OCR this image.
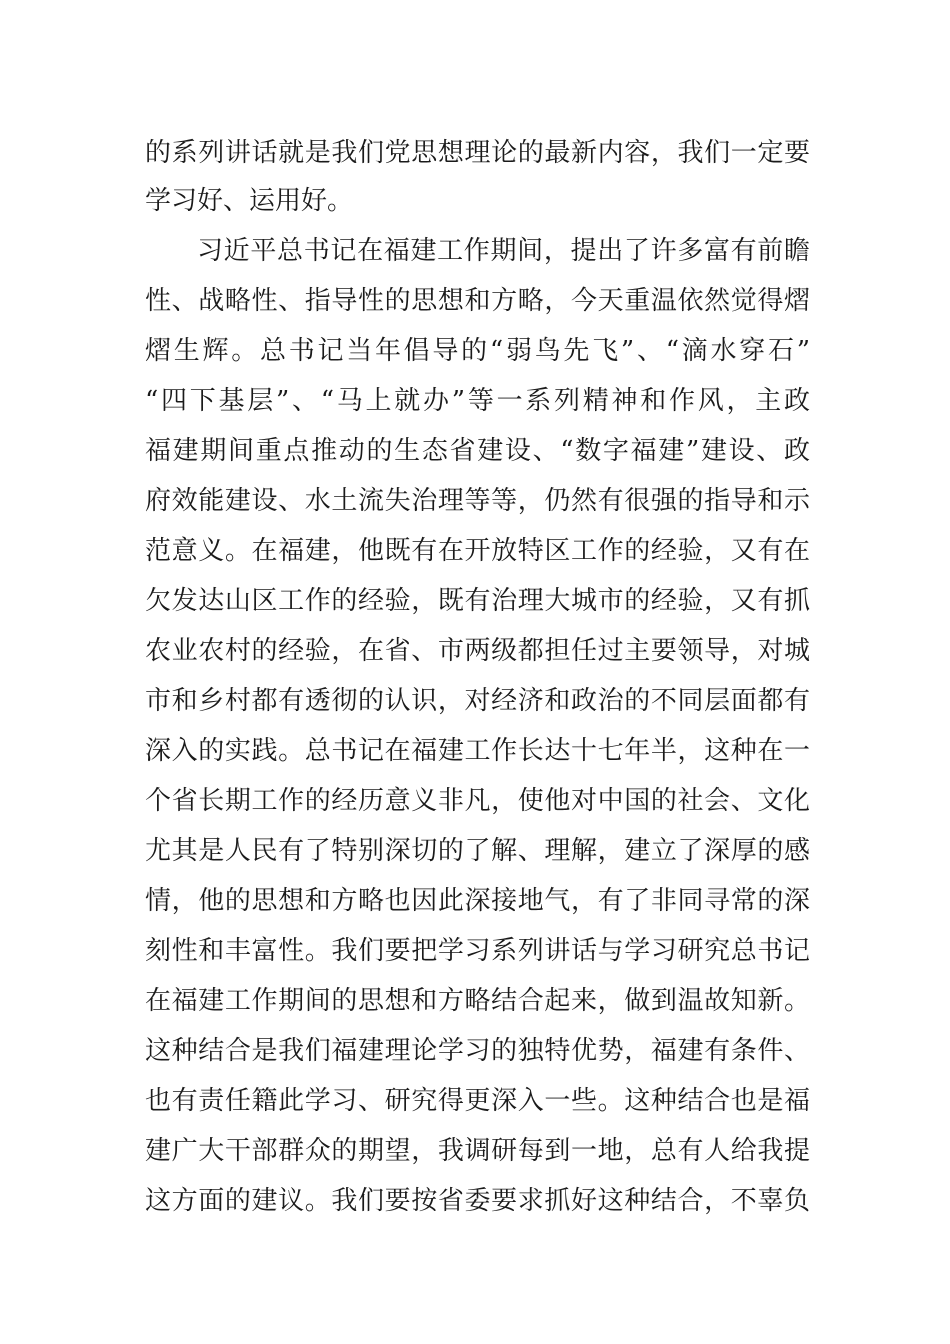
的系列讲话就是我们党思想理论的最新内容，我们一定要
学习好、运用好。
习近平总书记在福建工作期间，提出了许多富有前瞻
性、战略性、指导性的思想和方略，今天重温依然觉得熠
熠生辉。总书记当年倡导的“弱鸟先飞”、“滴水穿石”
“四下基层”、“马上就办”等一系列精神和作风，主政
福建期间重点推动的生态省建设、“数字福建”建设、政
府效能建设、水土流失治理等等，仍然有很强的指导和示
范意义。在福建，他既有在开放特区工作的经验，又有在
欠发达山区工作的经验，既有治理大城市的经验，又有抓
农业农村的经验，在省、市两级都担任过主要领导，对城
市和乡村都有透彻的认识，对经济和政治的不同层面都有
深入的实践。总书记在福建工作长达十七年半，这种在一
个省长期工作的经历意义非凡，使他对中国的社会、文化
尤其是人民有了特别深切的了解、理解，建立了深厚的感
情，他的思想和方略也因此深接地气，有了非同寻常的深
刻性和丰富性。我们要把学习系列讲话与学习研究总书记
在福建工作期间的思想和方略结合起来，做到温故知新。
这种结合是我们福建理论学习的独特优势，福建有条件、
也有责任籍此学习、研究得更深入一些。这种结合也是福
建广大干部群众的期望，我调研每到一地，总有人给我提
这方面的建议。我们要按省委要求抓好这种结合，不辜负
